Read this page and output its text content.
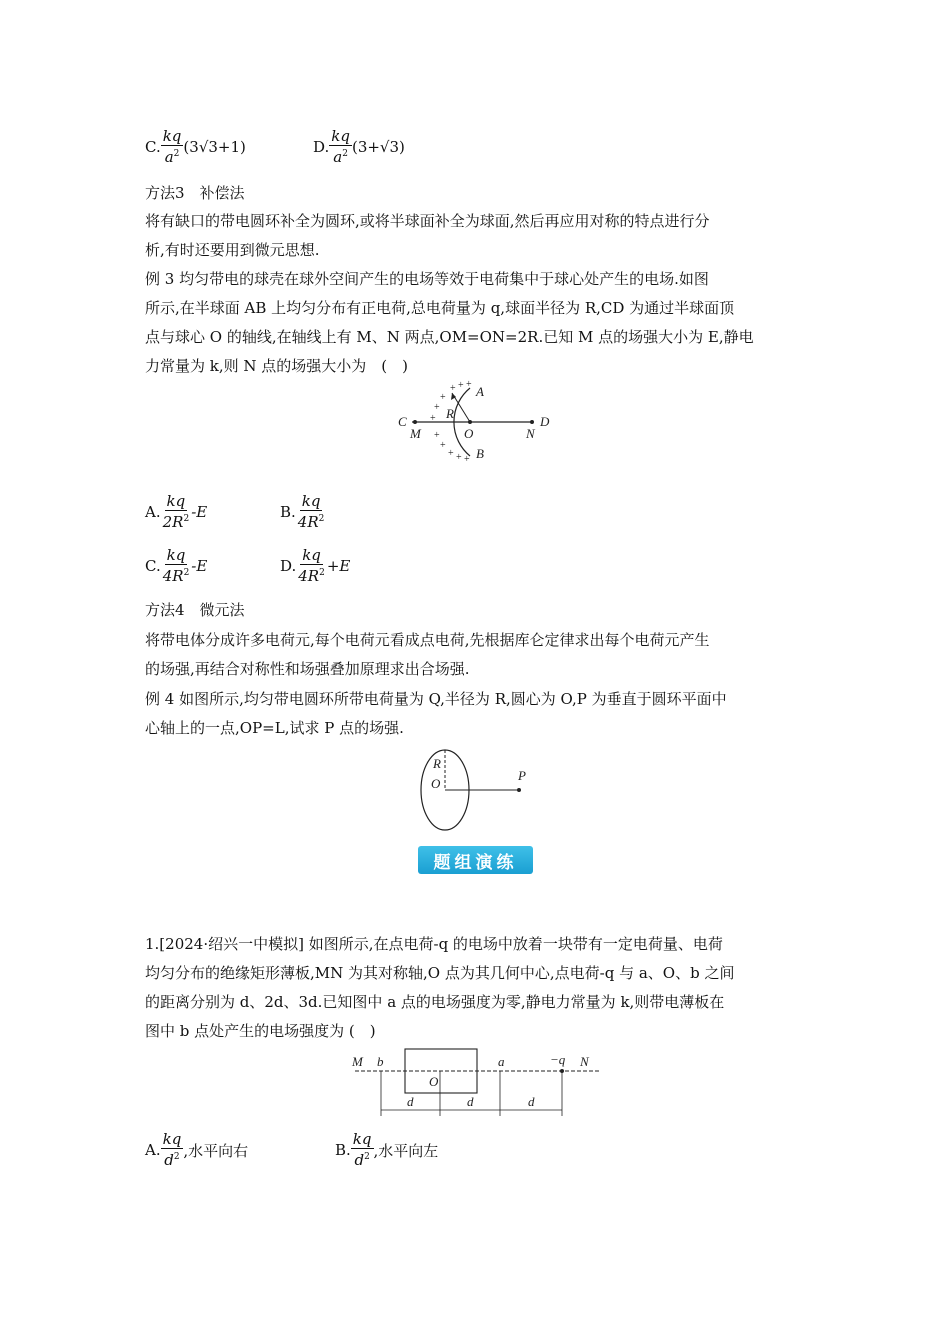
C. $\frac{kq}{a^2} (3√3+1)$	D. $\frac{kq}{a^2} (3+√3)$
方法3　补偿法
将有缺口的带电圆环补全为圆环,或将半球面补全为球面,然后再应用对称的特点进行分
析,有时还要用到微元思想.
例 3 均匀带电的球壳在球外空间产生的电场等效于电荷集中于球心处产生的电场.如图
所示,在半球面 AB 上均匀分布有正电荷,总电荷量为 q,球面半径为 R,CD 为通过半球面顶
点与球心 O 的轴线,在轴线上有 M、N 两点,OM=ON=2R.已知 M 点的场强大小为 E,静电
力常量为 k,则 N 点的场强大小为　(　)
+ + +
+
+
+
+
+
+ + +
A
B
C	D
M	N
O
R
A. $\frac{kq}{2R^2} -E$	B. $\frac{kq}{4R^2}$
C. $\frac{kq}{4R^2} -E$	D. $\frac{kq}{4R^2} +E$
方法4　微元法
将带电体分成许多电荷元,每个电荷元看成点电荷,先根据库仑定律求出每个电荷元产生
的场强,再结合对称性和场强叠加原理求出合场强.
例 4 如图所示,均匀带电圆环所带电荷量为 Q,半径为 R,圆心为 O,P 为垂直于圆环平面中
心轴上的一点,OP=L,试求 P 点的场强.
R
O
P
题组演练
1.[2024·绍兴一中模拟] 如图所示,在点电荷-q 的电场中放着一块带有一定电荷量、电荷
均匀分布的绝缘矩形薄板,MN 为其对称轴,O 点为其几何中心,点电荷-q 与 a、O、b 之间
的距离分别为 d、2d、3d.已知图中 a 点的电场强度为零,静电力常量为 k,则带电薄板在
图中 b 点处产生的电场强度为 (　)
M b
O
a	−q N
d	d	d
A. $\frac{kq}{d^2}$ ,水平向右	B. $\frac{kq}{d^2}$ ,水平向左
